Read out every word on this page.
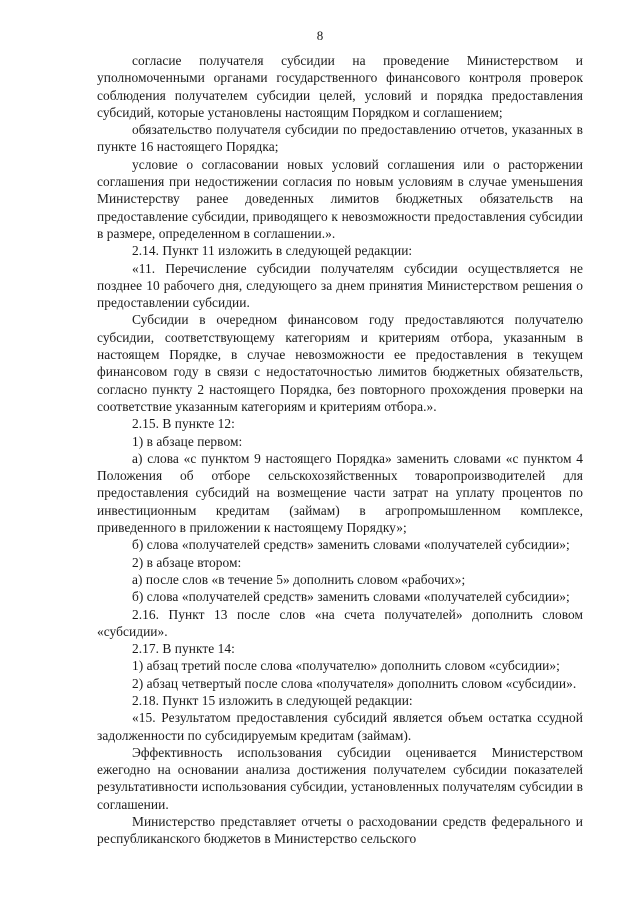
8

согласие получателя субсидии на проведение Министерством и уполномоченными органами государственного финансового контроля проверок соблюдения получателем субсидии целей, условий и порядка предоставления субсидий, которые установлены настоящим Порядком и соглашением;

обязательство получателя субсидии по предоставлению отчетов, указанных в пункте 16 настоящего Порядка;

условие о согласовании новых условий соглашения или о расторжении соглашения при недостижении согласия по новым условиям в случае уменьшения Министерству ранее доведенных лимитов бюджетных обязательств на предоставление субсидии, приводящего к невозможности предоставления субсидии в размере, определенном в соглашении.».

2.14. Пункт 11 изложить в следующей редакции:

«11. Перечисление субсидии получателям субсидии осуществляется не позднее 10 рабочего дня, следующего за днем принятия Министерством решения о предоставлении субсидии.

Субсидии в очередном финансовом году предоставляются получателю субсидии, соответствующему категориям и критериям отбора, указанным в настоящем Порядке, в случае невозможности ее предоставления в текущем финансовом году в связи с недостаточностью лимитов бюджетных обязательств, согласно пункту 2 настоящего Порядка, без повторного прохождения проверки на соответствие указанным категориям и критериям отбора.».

2.15. В пункте 12:

1) в абзаце первом:

а) слова «с пунктом 9 настоящего Порядка» заменить словами «с пунктом 4 Положения об отборе сельскохозяйственных товаропроизводителей для предоставления субсидий на возмещение части затрат на уплату процентов по инвестиционным кредитам (займам) в агропромышленном комплексе, приведенного в приложении к настоящему Порядку»;

б) слова «получателей средств» заменить словами «получателей субсидии»;

2) в абзаце втором:

а) после слов «в течение 5» дополнить словом «рабочих»;

б) слова «получателей средств» заменить словами «получателей субсидии»;

2.16. Пункт 13 после слов «на счета получателей» дополнить словом «субсидии».

2.17. В пункте 14:

1) абзац третий после слова «получателю» дополнить словом «субсидии»;

2) абзац четвертый после слова «получателя» дополнить словом «субсидии».

2.18. Пункт 15 изложить в следующей редакции:

«15. Результатом предоставления субсидий является объем остатка ссудной задолженности по субсидируемым кредитам (займам).

Эффективность использования субсидии оценивается Министерством ежегодно на основании анализа достижения получателем субсидии показателей результативности использования субсидии, установленных получателям субсидии в соглашении.

Министерство представляет отчеты о расходовании средств федерального и республиканского бюджетов в Министерство сельского
